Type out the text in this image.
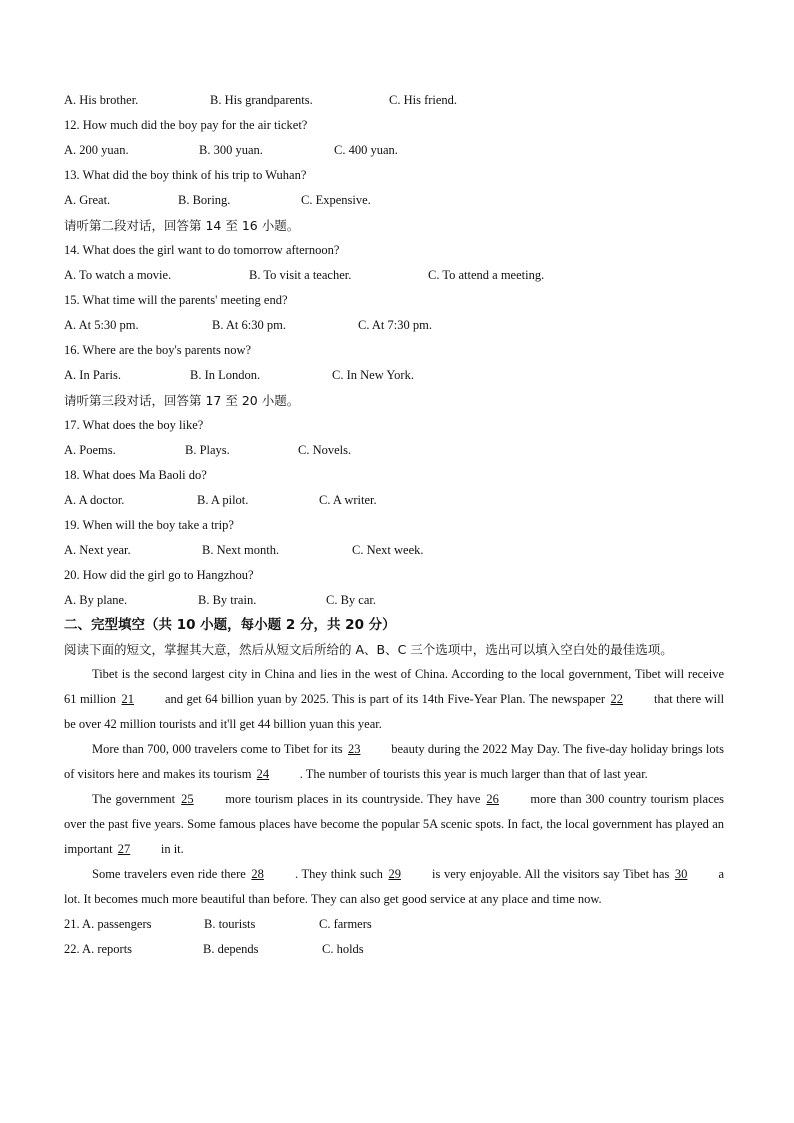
A. His brother.	B. His grandparents.	C. His friend.
12. How much did the boy pay for the air ticket?
A. 200 yuan.	B. 300 yuan.	C. 400 yuan.
13. What did the boy think of his trip to Wuhan?
A. Great.	B. Boring.	C. Expensive.
请听第二段对话，回答第 14 至 16 小题。
14. What does the girl want to do tomorrow afternoon?
A. To watch a movie.	B. To visit a teacher.	C. To attend a meeting.
15. What time will the parents' meeting end?
A. At 5:30 pm.	B. At 6:30 pm.	C. At 7:30 pm.
16. Where are the boy's parents now?
A. In Paris.	B. In London.	C. In New York.
请听第三段对话，回答第 17 至 20 小题。
17. What does the boy like?
A. Poems.	B. Plays.	C. Novels.
18. What does Ma Baoli do?
A. A doctor.	B. A pilot.	C. A writer.
19. When will the boy take a trip?
A. Next year.	B. Next month.	C. Next week.
20. How did the girl go to Hangzhou?
A. By plane.	B. By train.	C. By car.
二、完型填空（共 10 小题，每小题 2 分，共 20 分）
阅读下面的短文，掌握其大意，然后从短文后所给的 A、B、C 三个选项中，选出可以填入空白处的最佳选项。
Tibet is the second largest city in China and lies in the west of China. According to the local government, Tibet will receive 61 million 21 and get 64 billion yuan by 2025. This is part of its 14th Five-Year Plan. The newspaper 22 that there will be over 42 million tourists and it'll get 44 billion yuan this year.
More than 700, 000 travelers come to Tibet for its 23 beauty during the 2022 May Day. The five-day holiday brings lots of visitors here and makes its tourism 24 . The number of tourists this year is much larger than that of last year.
The government 25	more tourism places in its countryside. They have 26	more than 300 country tourism places over the past five years. Some famous places have become the popular 5A scenic spots. In fact, the local government has played an important 27 in it.
Some travelers even ride there 28 . They think such 29 is very enjoyable. All the visitors say Tibet has 30 a lot. It becomes much more beautiful than before. They can also get good service at any place and time now.
21. A. passengers	B. tourists	C. farmers
22. A. reports	B. depends	C. holds
